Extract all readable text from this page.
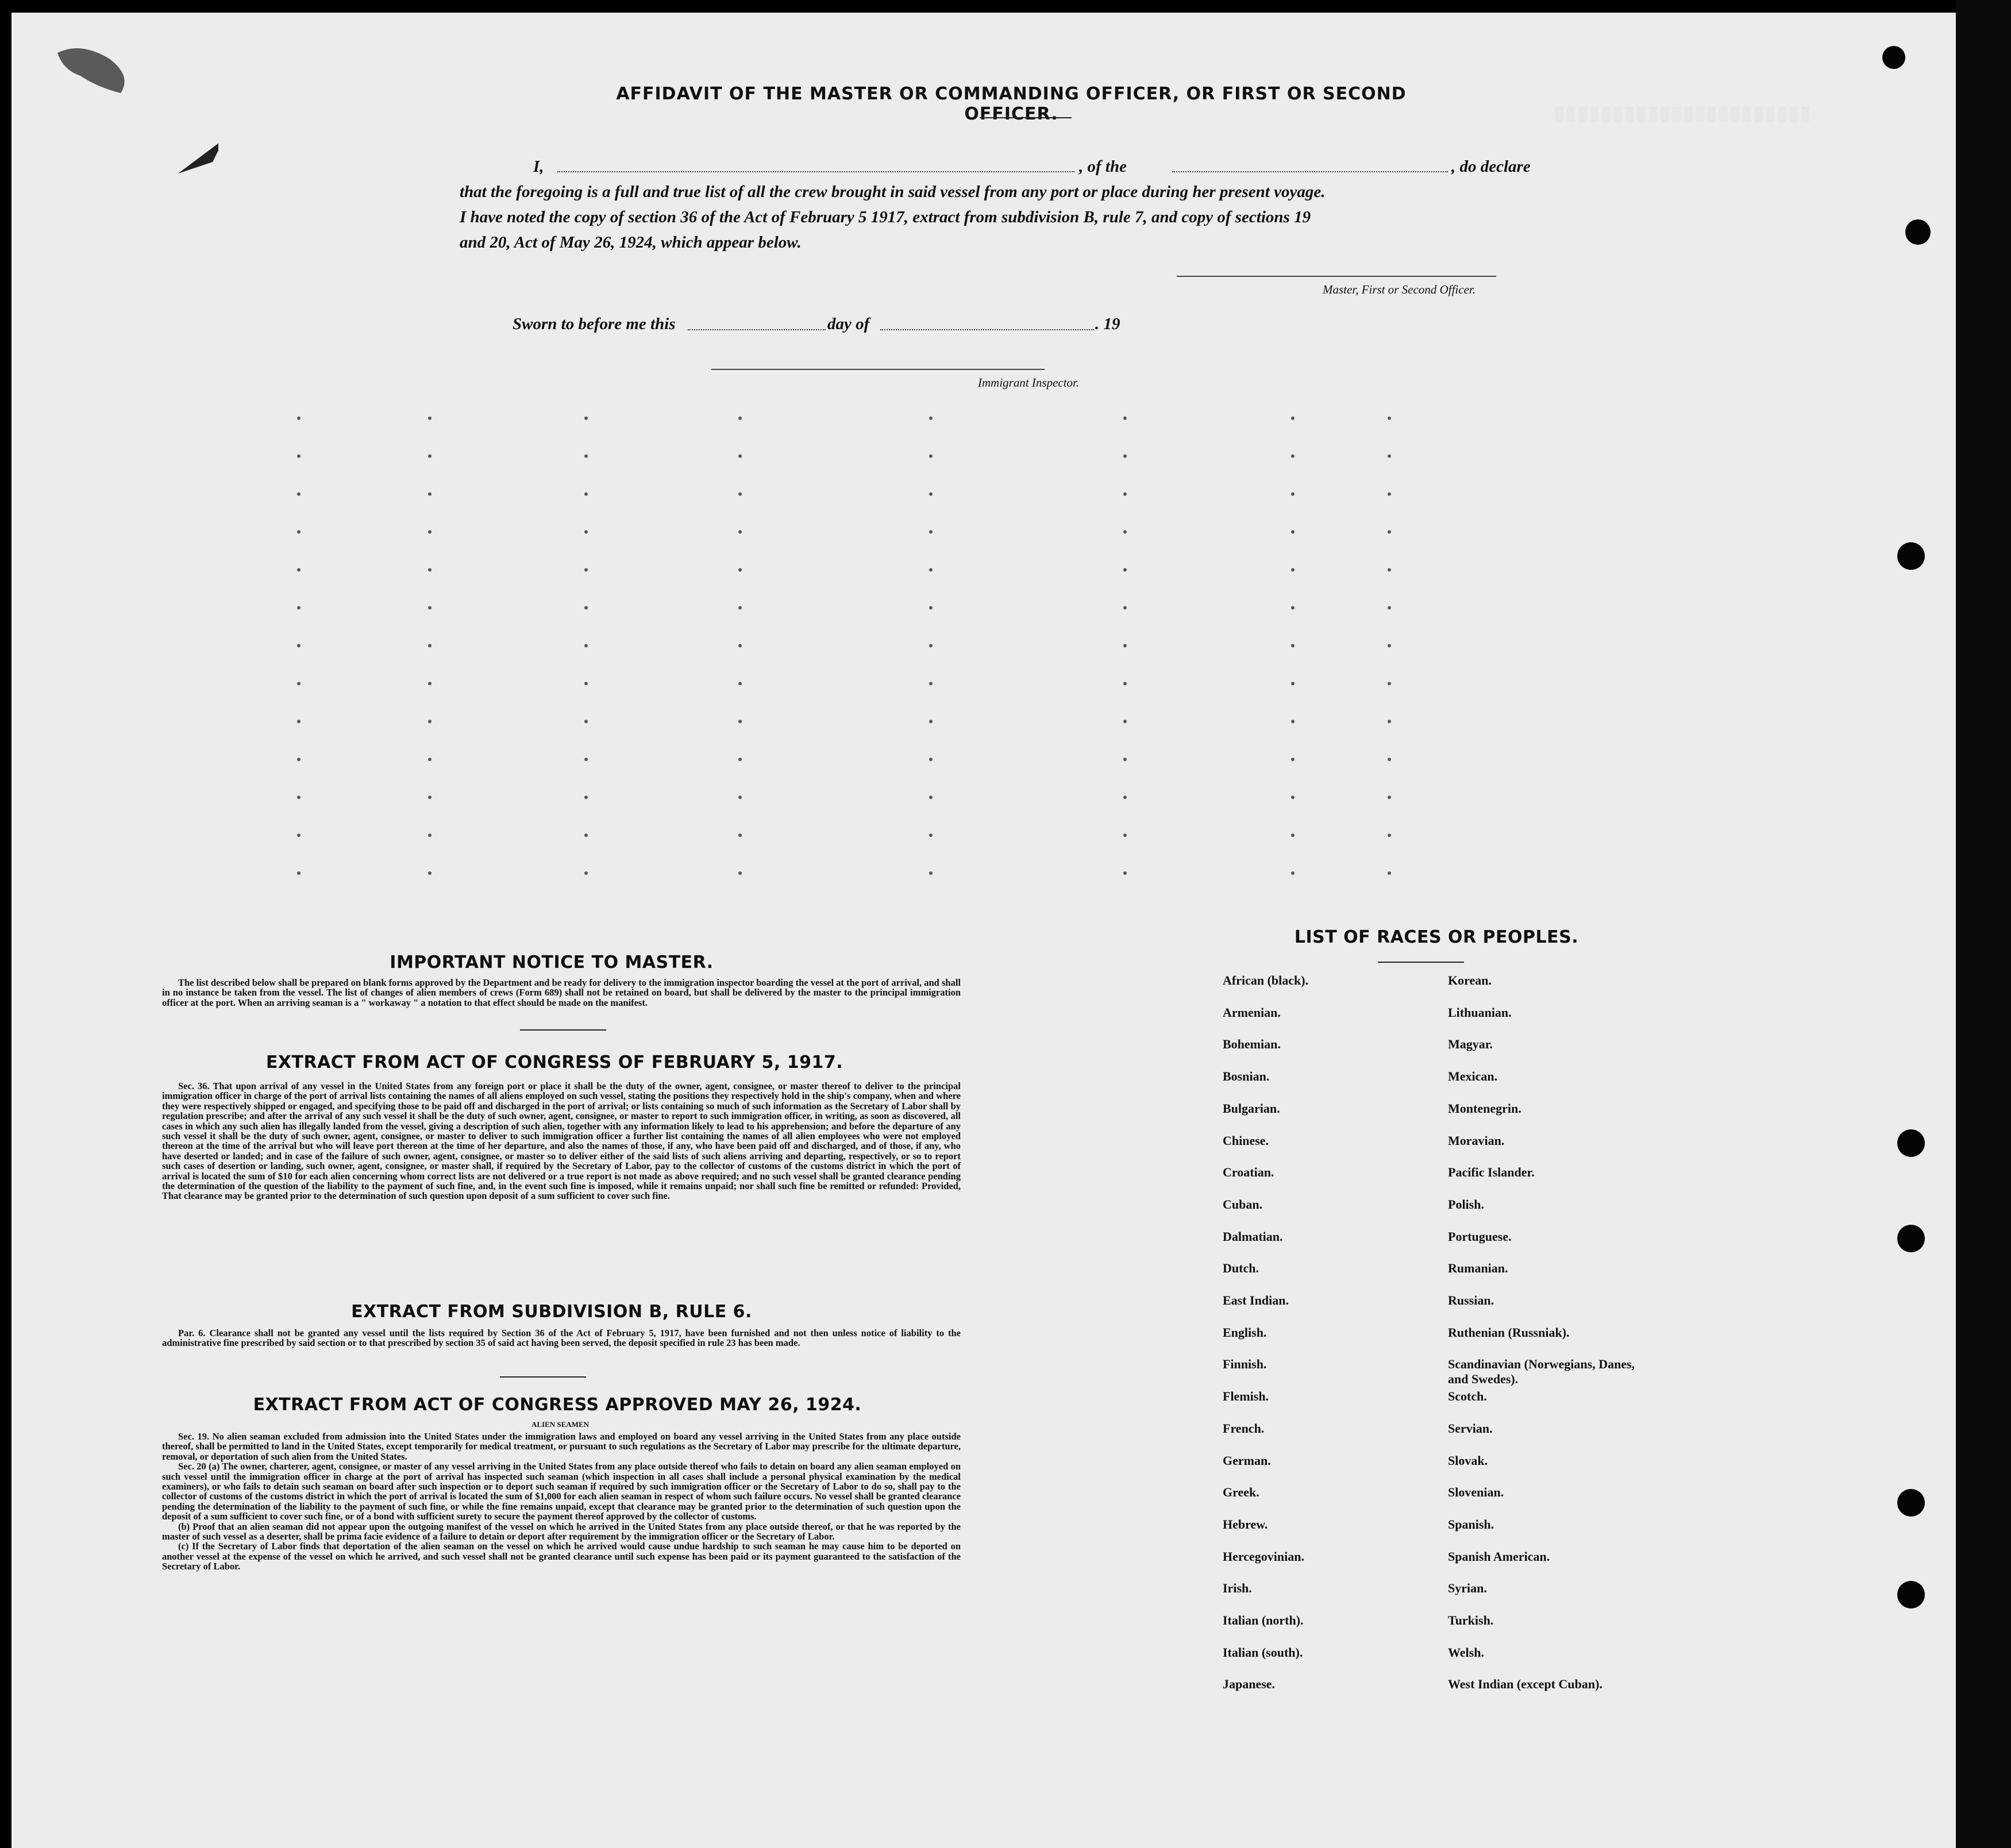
░░░░░░░░░░░░░░░░░░░░░░
AFFIDAVIT OF THE MASTER OR COMMANDING OFFICER, OR FIRST OR SECOND OFFICER.
I,	, of the	, do declare
that the foregoing is a full and true list of all the crew brought in said vessel from any port or place during her present voyage.
I have noted the copy of section 36 of the Act of February 5 1917, extract from subdivision B, rule 7, and copy of sections 19
and 20, Act of May 26, 1924, which appear below.
Master, First or Second Officer.
Sworn to before me this	day of	. 19
Immigrant Inspector.
IMPORTANT NOTICE TO MASTER.

The list described below shall be prepared on blank forms approved by the Department and be ready for delivery to the immigration inspector boarding the vessel at the port of arrival, and shall in no instance be taken from the vessel. The list of changes of alien members of crews (Form 689) shall not be retained on board, but shall be delivered by the master to the principal immigration officer at the port. When an arriving seaman is a " workaway " a notation to that effect should be made on the manifest.

EXTRACT FROM ACT OF CONGRESS OF FEBRUARY 5, 1917.

Sec. 36. That upon arrival of any vessel in the United States from any foreign port or place it shall be the duty of the owner, agent, consignee, or master thereof to deliver to the principal immigration officer in charge of the port of arrival lists containing the names of all aliens employed on such vessel, stating the positions they respectively hold in the ship's company, when and where they were respectively shipped or engaged, and specifying those to be paid off and discharged in the port of arrival; or lists containing so much of such information as the Secretary of Labor shall by regulation prescribe; and after the arrival of any such vessel it shall be the duty of such owner, agent, consignee, or master to report to such immigration officer, in writing, as soon as discovered, all cases in which any such alien has illegally landed from the vessel, giving a description of such alien, together with any information likely to lead to his apprehension; and before the departure of any such vessel it shall be the duty of such owner, agent, consignee, or master to deliver to such immigration officer a further list containing the names of all alien employees who were not employed thereon at the time of the arrival but who will leave port thereon at the time of her departure, and also the names of those, if any, who have been paid off and discharged, and of those, if any, who have deserted or landed; and in case of the failure of such owner, agent, consignee, or master so to deliver either of the said lists of such aliens arriving and departing, respectively, or so to report such cases of desertion or landing, such owner, agent, consignee, or master shall, if required by the Secretary of Labor, pay to the collector of customs of the customs district in which the port of arrival is located the sum of $10 for each alien concerning whom correct lists are not delivered or a true report is not made as above required; and no such vessel shall be granted clearance pending the determination of the question of the liability to the payment of such fine, and, in the event such fine is imposed, while it remains unpaid; nor shall such fine be remitted or refunded: Provided, That clearance may be granted prior to the determination of such question upon deposit of a sum sufficient to cover such fine.

EXTRACT FROM SUBDIVISION B, RULE 6.

Par. 6. Clearance shall not be granted any vessel until the lists required by Section 36 of the Act of February 5, 1917, have been furnished and not then unless notice of liability to the administrative fine prescribed by said section or to that prescribed by section 35 of said act having been served, the deposit specified in rule 23 has been made.

EXTRACT FROM ACT OF CONGRESS APPROVED MAY 26, 1924.
ALIEN SEAMEN

Sec. 19. No alien seaman excluded from admission into the United States under the immigration laws and employed on board any vessel arriving in the United States from any place outside thereof, shall be permitted to land in the United States, except temporarily for medical treatment, or pursuant to such regulations as the Secretary of Labor may prescribe for the ultimate departure, removal, or deportation of such alien from the United States.

Sec. 20 (a) The owner, charterer, agent, consignee, or master of any vessel arriving in the United States from any place outside thereof who fails to detain on board any alien seaman employed on such vessel until the immigration officer in charge at the port of arrival has inspected such seaman (which inspection in all cases shall include a personal physical examination by the medical examiners), or who fails to detain such seaman on board after such inspection or to deport such seaman if required by such immigration officer or the Secretary of Labor to do so, shall pay to the collector of customs of the customs district in which the port of arrival is located the sum of $1,000 for each alien seaman in respect of whom such failure occurs. No vessel shall be granted clearance pending the determination of the liability to the payment of such fine, or while the fine remains unpaid, except that clearance may be granted prior to the determination of such question upon the deposit of a sum sufficient to cover such fine, or of a bond with sufficient surety to secure the payment thereof approved by the collector of customs.

(b) Proof that an alien seaman did not appear upon the outgoing manifest of the vessel on which he arrived in the United States from any place outside thereof, or that he was reported by the master of such vessel as a deserter, shall be prima facie evidence of a failure to detain or deport after requirement by the immigration officer or the Secretary of Labor.

(c) If the Secretary of Labor finds that deportation of the alien seaman on the vessel on which he arrived would cause undue hardship to such seaman he may cause him to be deported on another vessel at the expense of the vessel on which he arrived, and such vessel shall not be granted clearance until such expense has been paid or its payment guaranteed to the satisfaction of the Secretary of Labor.

LIST OF RACES OR PEOPLES.
African (black).
Armenian.
Bohemian.
Bosnian.
Bulgarian.
Chinese.
Croatian.
Cuban.
Dalmatian.
Dutch.
East Indian.
English.
Finnish.
Flemish.
French.
German.
Greek.
Hebrew.
Hercegovinian.
Irish.
Italian (north).
Italian (south).
Japanese.
Korean.
Lithuanian.
Magyar.
Mexican.
Montenegrin.
Moravian.
Pacific Islander.
Polish.
Portuguese.
Rumanian.
Russian.
Ruthenian (Russniak).
Scandinavian (Norwegians, Danes, and Swedes).
Scotch.
Servian.
Slovak.
Slovenian.
Spanish.
Spanish American.
Syrian.
Turkish.
Welsh.
West Indian (except Cuban).
